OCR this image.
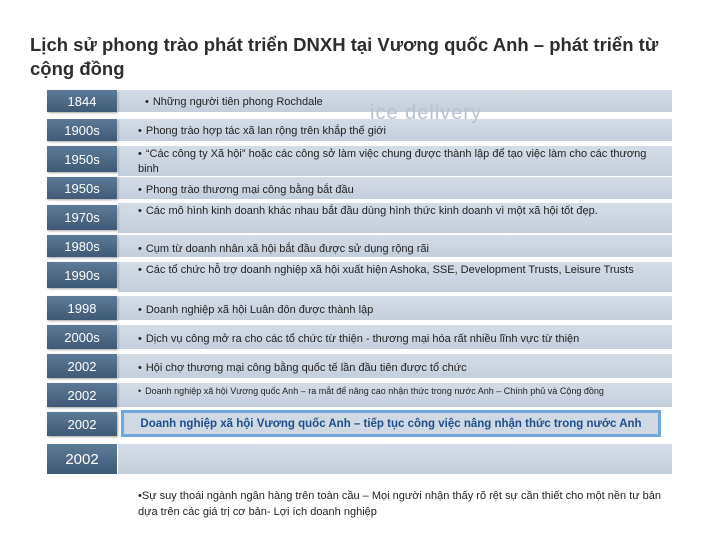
Lịch sử phong trào phát triển DNXH tại Vương quốc Anh – phát triển từ cộng đồng
ice delivery
1844
1900s
1950s
1950s
1970s
1980s
1990s
1998
2000s
2002
2002
2002
• Những người tiên phong Rochdale
• Phong trào hợp tác xã lan rộng trên khắp thế giới
• “Các công ty Xã hội” hoặc các công sở làm việc chung được thành lập để tạo việc làm cho các thương binh
• Phong trào thương mại công bằng bắt đầu
• Các mô hình kinh doanh khác nhau bắt đầu dùng hình thức kinh doanh vì một xã hội tốt đẹp.
• Cụm từ doanh nhân xã hội bắt đầu được sử dụng rộng rãi
• Các tổ chức hỗ trợ doanh nghiệp xã hội xuất hiện Ashoka, SSE, Development Trusts, Leisure Trusts
• Doanh nghiệp xã hội Luân đôn được thành lập
• Dịch vụ công mở ra cho các tổ chức từ thiện - thương mại hóa rất nhiều lĩnh vực từ thiện
• Hội chợ thương mại công bằng quốc tế lần đầu tiên được tổ chức
• Doanh nghiệp xã hội Vương quốc Anh – ra mắt để nâng cao nhận thức trong nước Anh – Chính phủ và Cộng đồng
Doanh nghiệp xã hội Vương quốc Anh – tiếp tục công việc nâng nhận thức trong nước Anh
2002
•Sự suy thoái ngành ngân hàng trên toàn cầu – Mọi người nhận thấy rõ rệt sự cần thiết cho một nền tư bản dựa trên các giá trị cơ bản- Lợi ích doanh nghiệp
